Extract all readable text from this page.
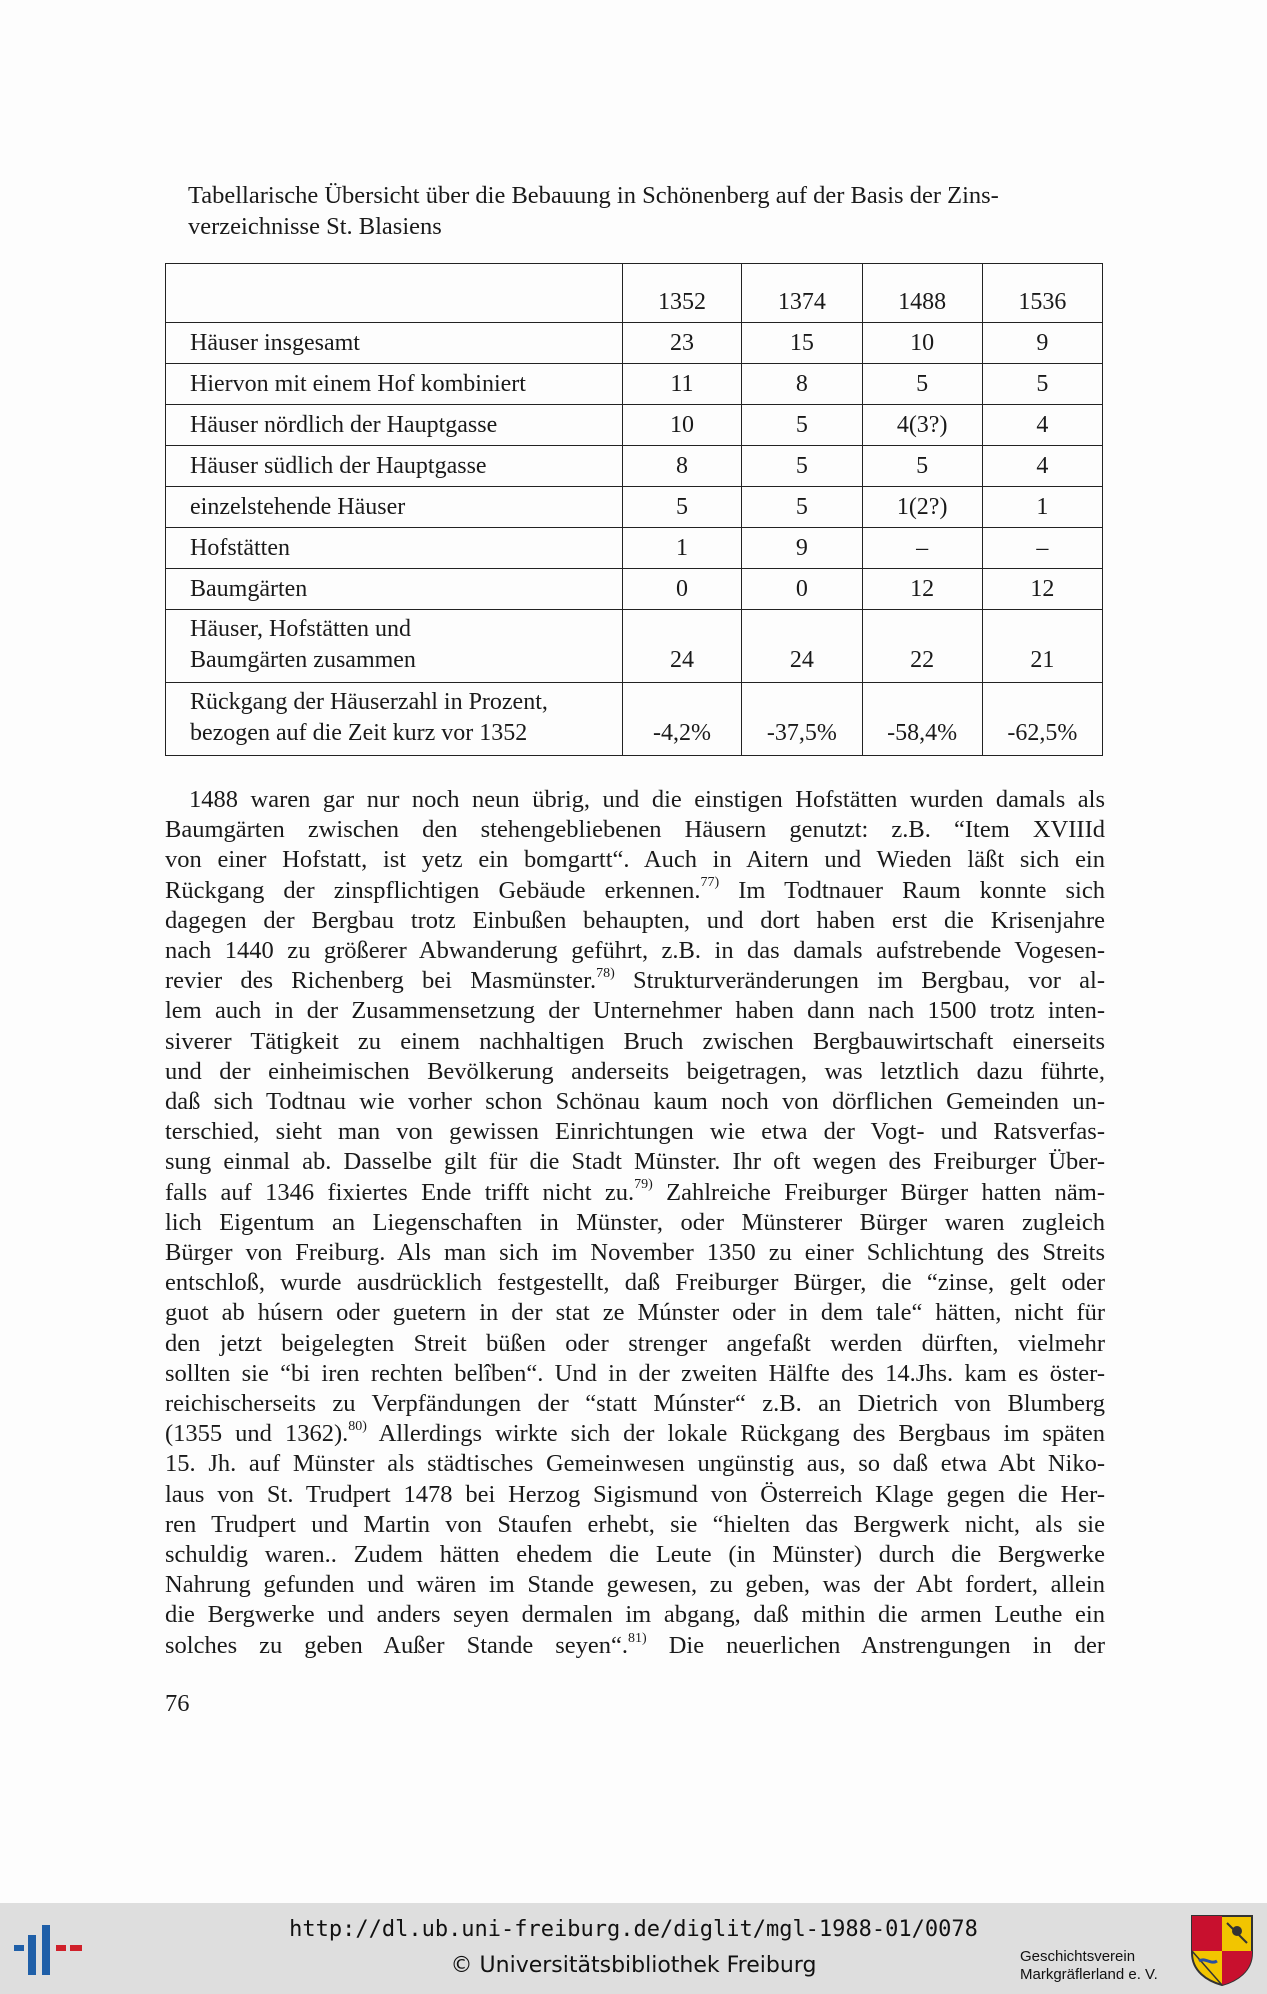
Tabellarische Übersicht über die Bebauung in Schönenberg auf der Basis der Zins-
verzeichnisse St. Blasiens
	1352	1374	1488	1536

Häuser insgesamt	23	15	10	9

Hiervon mit einem Hof kombiniert	11	8	5	5

Häuser nördlich der Hauptgasse	10	5	4(3?)	4

Häuser südlich der Hauptgasse	8	5	5	4

einzelstehende Häuser	5	5	1(2?)	1

Hofstätten	1	9	–	–

Baumgärten	0	0	12	12

Häuser, Hofstätten und
Baumgärten zusammen	24	24	22	21

Rückgang der Häuserzahl in Prozent,
bezogen auf die Zeit kurz vor 1352	-4,2%	-37,5%	-58,4%	-62,5%
1488 waren gar nur noch neun übrig, und die einstigen Hofstätten wurden damals als
Baumgärten zwischen den stehengebliebenen Häusern genutzt: z.B. “Item XVIIId
von einer Hofstatt, ist yetz ein bomgartt“. Auch in Aitern und Wieden läßt sich ein
Rückgang der zinspflichtigen Gebäude erkennen.$^{77)}$ Im Todtnauer Raum konnte sich
dagegen der Bergbau trotz Einbußen behaupten, und dort haben erst die Krisenjahre
nach 1440 zu größerer Abwanderung geführt, z.B. in das damals aufstrebende Vogesen-
revier des Richenberg bei Masmünster.$^{78)}$ Strukturveränderungen im Bergbau, vor al-
lem auch in der Zusammensetzung der Unternehmer haben dann nach 1500 trotz inten-
siverer Tätigkeit zu einem nachhaltigen Bruch zwischen Bergbauwirtschaft einerseits
und der einheimischen Bevölkerung anderseits beigetragen, was letztlich dazu führte,
daß sich Todtnau wie vorher schon Schönau kaum noch von dörflichen Gemeinden un-
terschied, sieht man von gewissen Einrichtungen wie etwa der Vogt- und Ratsverfas-
sung einmal ab. Dasselbe gilt für die Stadt Münster. Ihr oft wegen des Freiburger Über-
falls auf 1346 fixiertes Ende trifft nicht zu.$^{79)}$ Zahlreiche Freiburger Bürger hatten näm-
lich Eigentum an Liegenschaften in Münster, oder Münsterer Bürger waren zugleich
Bürger von Freiburg. Als man sich im November 1350 zu einer Schlichtung des Streits
entschloß, wurde ausdrücklich festgestellt, daß Freiburger Bürger, die “zinse, gelt oder
guot ab húsern oder guetern in der stat ze Múnster oder in dem tale“ hätten, nicht für
den jetzt beigelegten Streit büßen oder strenger angefaßt werden dürften, vielmehr
sollten sie “bi iren rechten belîben“. Und in der zweiten Hälfte des 14.Jhs. kam es öster-
reichischerseits zu Verpfändungen der “statt Múnster“ z.B. an Dietrich von Blumberg
(1355 und 1362).$^{80)}$ Allerdings wirkte sich der lokale Rückgang des Bergbaus im späten
15. Jh. auf Münster als städtisches Gemeinwesen ungünstig aus, so daß etwa Abt Niko-
laus von St. Trudpert 1478 bei Herzog Sigismund von Österreich Klage gegen die Her-
ren Trudpert und Martin von Staufen erhebt, sie “hielten das Bergwerk nicht, als sie
schuldig waren.. Zudem hätten ehedem die Leute (in Münster) durch die Bergwerke
Nahrung gefunden und wären im Stande gewesen, zu geben, was der Abt fordert, allein
die Bergwerke und anders seyen dermalen im abgang, daß mithin die armen Leuthe ein
solches zu geben Außer Stande seyen“.$^{81)}$ Die neuerlichen Anstrengungen in der
76
http://dl.ub.uni-freiburg.de/diglit/mgl-1988-01/0078
© Universitätsbibliothek Freiburg	Geschichtsverein
Markgräflerland e. V.
